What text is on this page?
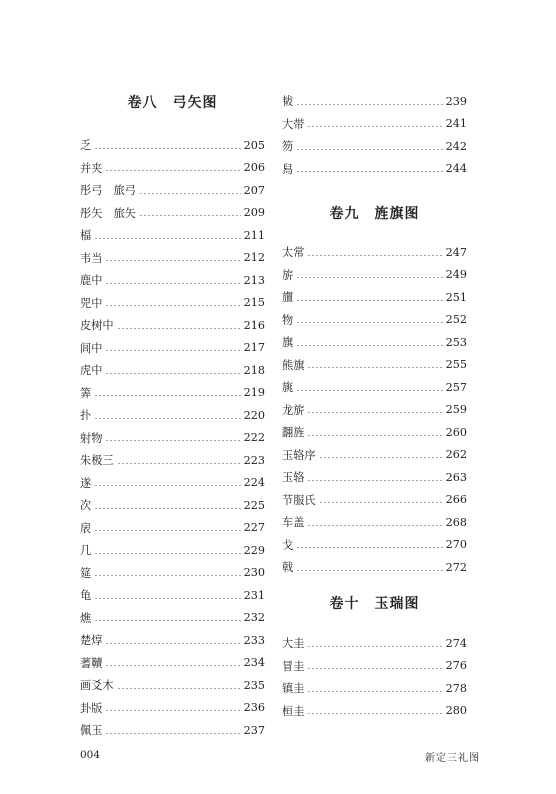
卷八　弓矢图
乏	205
并夹	206
彤弓　旅弓	207
彤矢　旅矢	209
楅	211
韦当	212
鹿中	213
兕中	215
皮树中	216
闾中	217
虎中	218
筭	219
扑	220
射物	222
朱极三	223
遂	224
次	225
扆	227
几	229
筵	230
龟	231
燋	232
楚焞	233
蓍韇	234
画爻木	235
卦版	236
佩玉	237
卷九　旌旗图
卷十　玉瑞图
韨	239
大带	241
笏	242
舄	244
太常	247
旂	249
旜	251
物	252
旗	253
熊旗	255
旐	257
龙旂	259
翿旌	260
玉辂序	262
玉辂	263
节服氏	266
车盖	268
戈	270
戟	272
大圭	274
冒圭	276
镇圭	278
桓圭	280
004	新定三礼图
